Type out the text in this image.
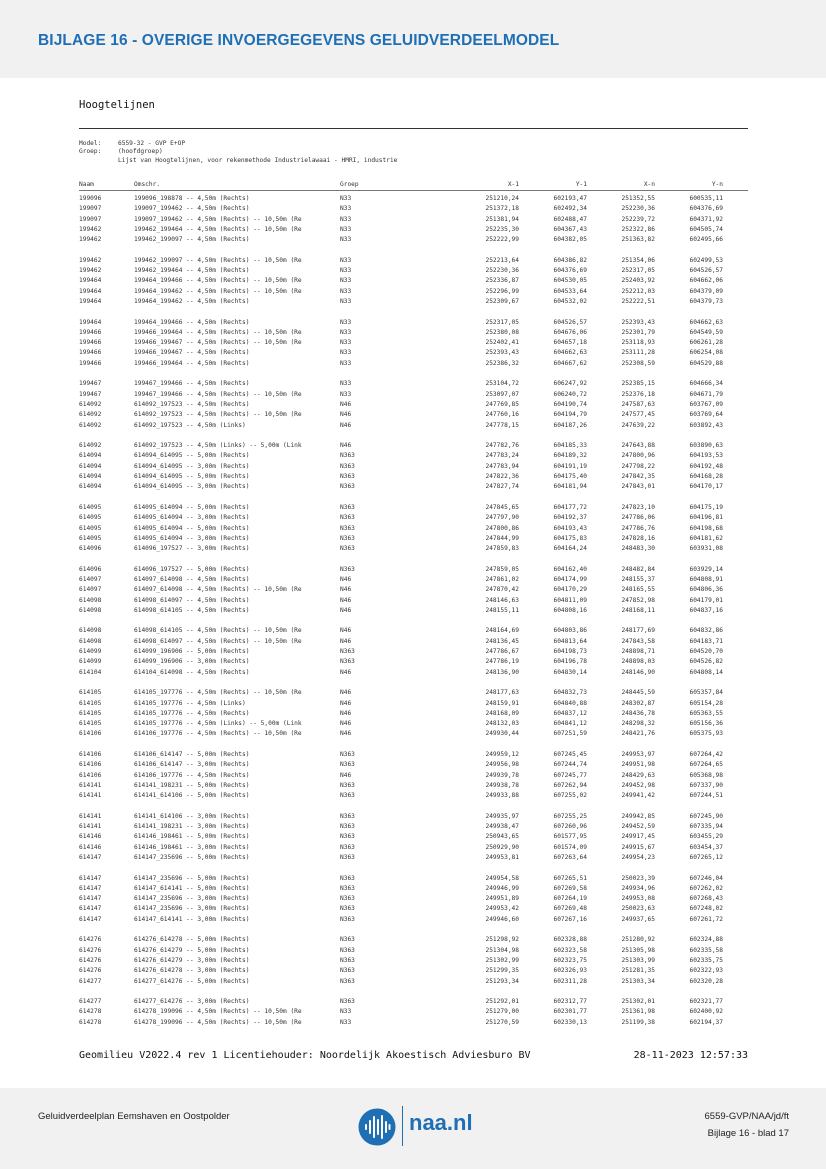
BIJLAGE 16 - OVERIGE INVOERGEGEVENS GELUIDVERDEELMODEL
Hoogtelijnen
Model:	6559-32 - GVP E+OP
Groep:	(hoofdgroep)
Lijst van Hoogtelijnen, voor rekenmethode Industrielawaai - HMRI, industrie
Naam	Omschr.	Groep	X-1	Y-1	X-n	Y-n
199096	199096_198878 -- 4,50m (Rechts)	N33	251210,24	602193,47	251352,55	600535,11
199097	199097_199462 -- 4,50m (Rechts)	N33	251372,18	602492,34	252230,36	604376,69
199097	199097_199462 -- 4,50m (Rechts) -- 10,50m (Re	N33	251381,94	602488,47	252239,72	604371,92
199462	199462_199464 -- 4,50m (Rechts) -- 10,50m (Re	N33	252235,30	604367,43	252322,86	604505,74
199462	199462_199097 -- 4,50m (Rechts)	N33	252222,99	604382,05	251363,82	602495,66
199462	199462_199097 -- 4,50m (Rechts) -- 10,50m (Re	N33	252213,64	604386,82	251354,06	602499,53
199462	199462_199464 -- 4,50m (Rechts)	N33	252230,36	604376,69	252317,05	604526,57
199464	199464_199466 -- 4,50m (Rechts) -- 10,50m (Re	N33	252336,87	604530,05	252403,92	604662,06
199464	199464_199462 -- 4,50m (Rechts) -- 10,50m (Re	N33	252296,99	604533,64	252212,03	604379,09
199464	199464_199462 -- 4,50m (Rechts)	N33	252309,67	604532,02	252222,51	604379,73
199464	199464_199466 -- 4,50m (Rechts)	N33	252317,05	604526,57	252393,43	604662,63
199466	199466_199464 -- 4,50m (Rechts) -- 10,50m (Re	N33	252380,08	604676,06	252301,79	604549,59
199466	199466_199467 -- 4,50m (Rechts) -- 10,50m (Re	N33	252402,41	604657,18	253118,93	606261,28
199466	199466_199467 -- 4,50m (Rechts)	N33	252393,43	604662,63	253111,28	606254,08
199466	199466_199464 -- 4,50m (Rechts)	N33	252386,32	604667,62	252308,59	604529,88
199467	199467_199466 -- 4,50m (Rechts)	N33	253104,72	606247,92	252385,15	604666,34
199467	199467_199466 -- 4,50m (Rechts) -- 10,50m (Re	N33	253097,07	606240,72	252376,18	604671,79
614092	614092_197523 -- 4,50m (Rechts)	N46	247769,85	604190,74	247587,63	603767,09
614092	614092_197523 -- 4,50m (Rechts) -- 10,50m (Re	N46	247760,16	604194,79	247577,45	603769,64
614092	614092_197523 -- 4,50m (Links)	N46	247778,15	604187,26	247639,22	603892,43
614092	614092_197523 -- 4,50m (Links) -- 5,00m (Link	N46	247782,76	604185,33	247643,88	603890,63
614094	614094_614095 -- 5,00m (Rechts)	N363	247783,24	604189,32	247800,96	604193,53
614094	614094_614095 -- 3,00m (Rechts)	N363	247783,94	604191,19	247798,22	604192,48
614094	614094_614095 -- 5,00m (Rechts)	N363	247822,36	604175,40	247842,35	604168,28
614094	614094_614095 -- 3,00m (Rechts)	N363	247827,74	604181,94	247843,01	604170,17
614095	614095_614094 -- 5,00m (Rechts)	N363	247845,65	604177,72	247823,10	604175,19
614095	614095_614094 -- 3,00m (Rechts)	N363	247797,90	604192,37	247786,06	604196,81
614095	614095_614094 -- 5,00m (Rechts)	N363	247800,86	604193,43	247786,76	604198,68
614095	614095_614094 -- 3,00m (Rechts)	N363	247844,99	604175,83	247828,16	604181,62
614096	614096_197527 -- 3,00m (Rechts)	N363	247859,83	604164,24	248483,30	603931,08
614096	614096_197527 -- 5,00m (Rechts)	N363	247859,05	604162,40	248482,84	603929,14
614097	614097_614098 -- 4,50m (Rechts)	N46	247861,02	604174,99	248155,37	604808,91
614097	614097_614098 -- 4,50m (Rechts) -- 10,50m (Re	N46	247870,42	604170,29	248165,55	604806,36
614098	614098_614097 -- 4,50m (Rechts)	N46	248146,63	604811,09	247852,98	604179,01
614098	614098_614105 -- 4,50m (Rechts)	N46	248155,11	604808,16	248168,11	604837,16
614098	614098_614105 -- 4,50m (Rechts) -- 10,50m (Re	N46	248164,69	604803,86	248177,69	604832,86
614098	614098_614097 -- 4,50m (Rechts) -- 10,50m (Re	N46	248136,45	604813,64	247843,58	604183,71
614099	614099_196906 -- 5,00m (Rechts)	N363	247786,67	604198,73	248898,71	604520,70
614099	614099_196906 -- 3,00m (Rechts)	N363	247786,19	604196,78	248898,03	604526,82
614104	614104_614098 -- 4,50m (Rechts)	N46	248136,90	604830,14	248146,90	604808,14
614105	614105_197776 -- 4,50m (Rechts) -- 10,50m (Re	N46	248177,63	604832,73	248445,59	605357,84
614105	614105_197776 -- 4,50m (Links)	N46	248159,91	604840,88	248302,87	605154,28
614105	614105_197776 -- 4,50m (Rechts)	N46	248168,09	604837,12	248436,78	605363,55
614105	614105_197776 -- 4,50m (Links) -- 5,00m (Link	N46	248132,03	604841,12	248298,32	605156,36
614106	614106_197776 -- 4,50m (Rechts) -- 10,50m (Re	N46	249930,44	607251,59	248421,76	605375,93
614106	614106_614147 -- 5,00m (Rechts)	N363	249959,12	607245,45	249953,97	607264,42
614106	614106_614147 -- 3,00m (Rechts)	N363	249956,98	607244,74	249951,98	607264,65
614106	614106_197776 -- 4,50m (Rechts)	N46	249939,78	607245,77	248429,63	605368,98
614141	614141_198231 -- 5,00m (Rechts)	N363	249938,78	607262,94	249452,98	607337,90
614141	614141_614106 -- 5,00m (Rechts)	N363	249933,88	607255,02	249941,42	607244,51
614141	614141_614106 -- 3,00m (Rechts)	N363	249935,97	607255,25	249942,85	607245,90
614141	614141_198231 -- 3,00m (Rechts)	N363	249938,47	607260,96	249452,59	607335,94
614146	614146_198461 -- 5,00m (Rechts)	N363	250943,65	601577,95	249917,45	603455,29
614146	614146_198461 -- 3,00m (Rechts)	N363	250929,90	601574,09	249915,67	603454,37
614147	614147_235696 -- 5,00m (Rechts)	N363	249953,81	607263,64	249954,23	607265,12
614147	614147_235696 -- 5,00m (Rechts)	N363	249954,58	607265,51	250023,39	607246,04
614147	614147_614141 -- 5,00m (Rechts)	N363	249946,99	607269,58	249934,96	607262,02
614147	614147_235696 -- 3,00m (Rechts)	N363	249951,89	607264,19	249953,08	607268,43
614147	614147_235696 -- 3,00m (Rechts)	N363	249953,42	607269,48	250023,63	607248,02
614147	614147_614141 -- 3,00m (Rechts)	N363	249946,60	607267,16	249937,65	607261,72
614276	614276_614278 -- 5,00m (Rechts)	N363	251298,92	602328,88	251280,92	602324,88
614276	614276_614279 -- 5,00m (Rechts)	N363	251304,98	602323,58	251305,98	602335,58
614276	614276_614279 -- 3,00m (Rechts)	N363	251302,99	602323,75	251303,99	602335,75
614276	614276_614278 -- 3,00m (Rechts)	N363	251299,35	602326,93	251281,35	602322,93
614277	614277_614276 -- 5,00m (Rechts)	N363	251293,34	602311,28	251303,34	602320,28
614277	614277_614276 -- 3,00m (Rechts)	N363	251292,01	602312,77	251302,01	602321,77
614278	614278_199096 -- 4,50m (Rechts) -- 10,50m (Re	N33	251279,00	602301,77	251361,98	602400,92
614278	614278_199096 -- 4,50m (Rechts) -- 10,50m (Re	N33	251270,59	602330,13	251199,38	602194,37
Geomilieu V2022.4 rev 1 Licentiehouder: Noordelijk Akoestisch Adviesburo BV	28-11-2023 12:57:33
Geluidverdeelplan Eemshaven en Oostpolder	naa.nl	6559-GVP/NAA/jd/ft
Bijlage 16 - blad 17
